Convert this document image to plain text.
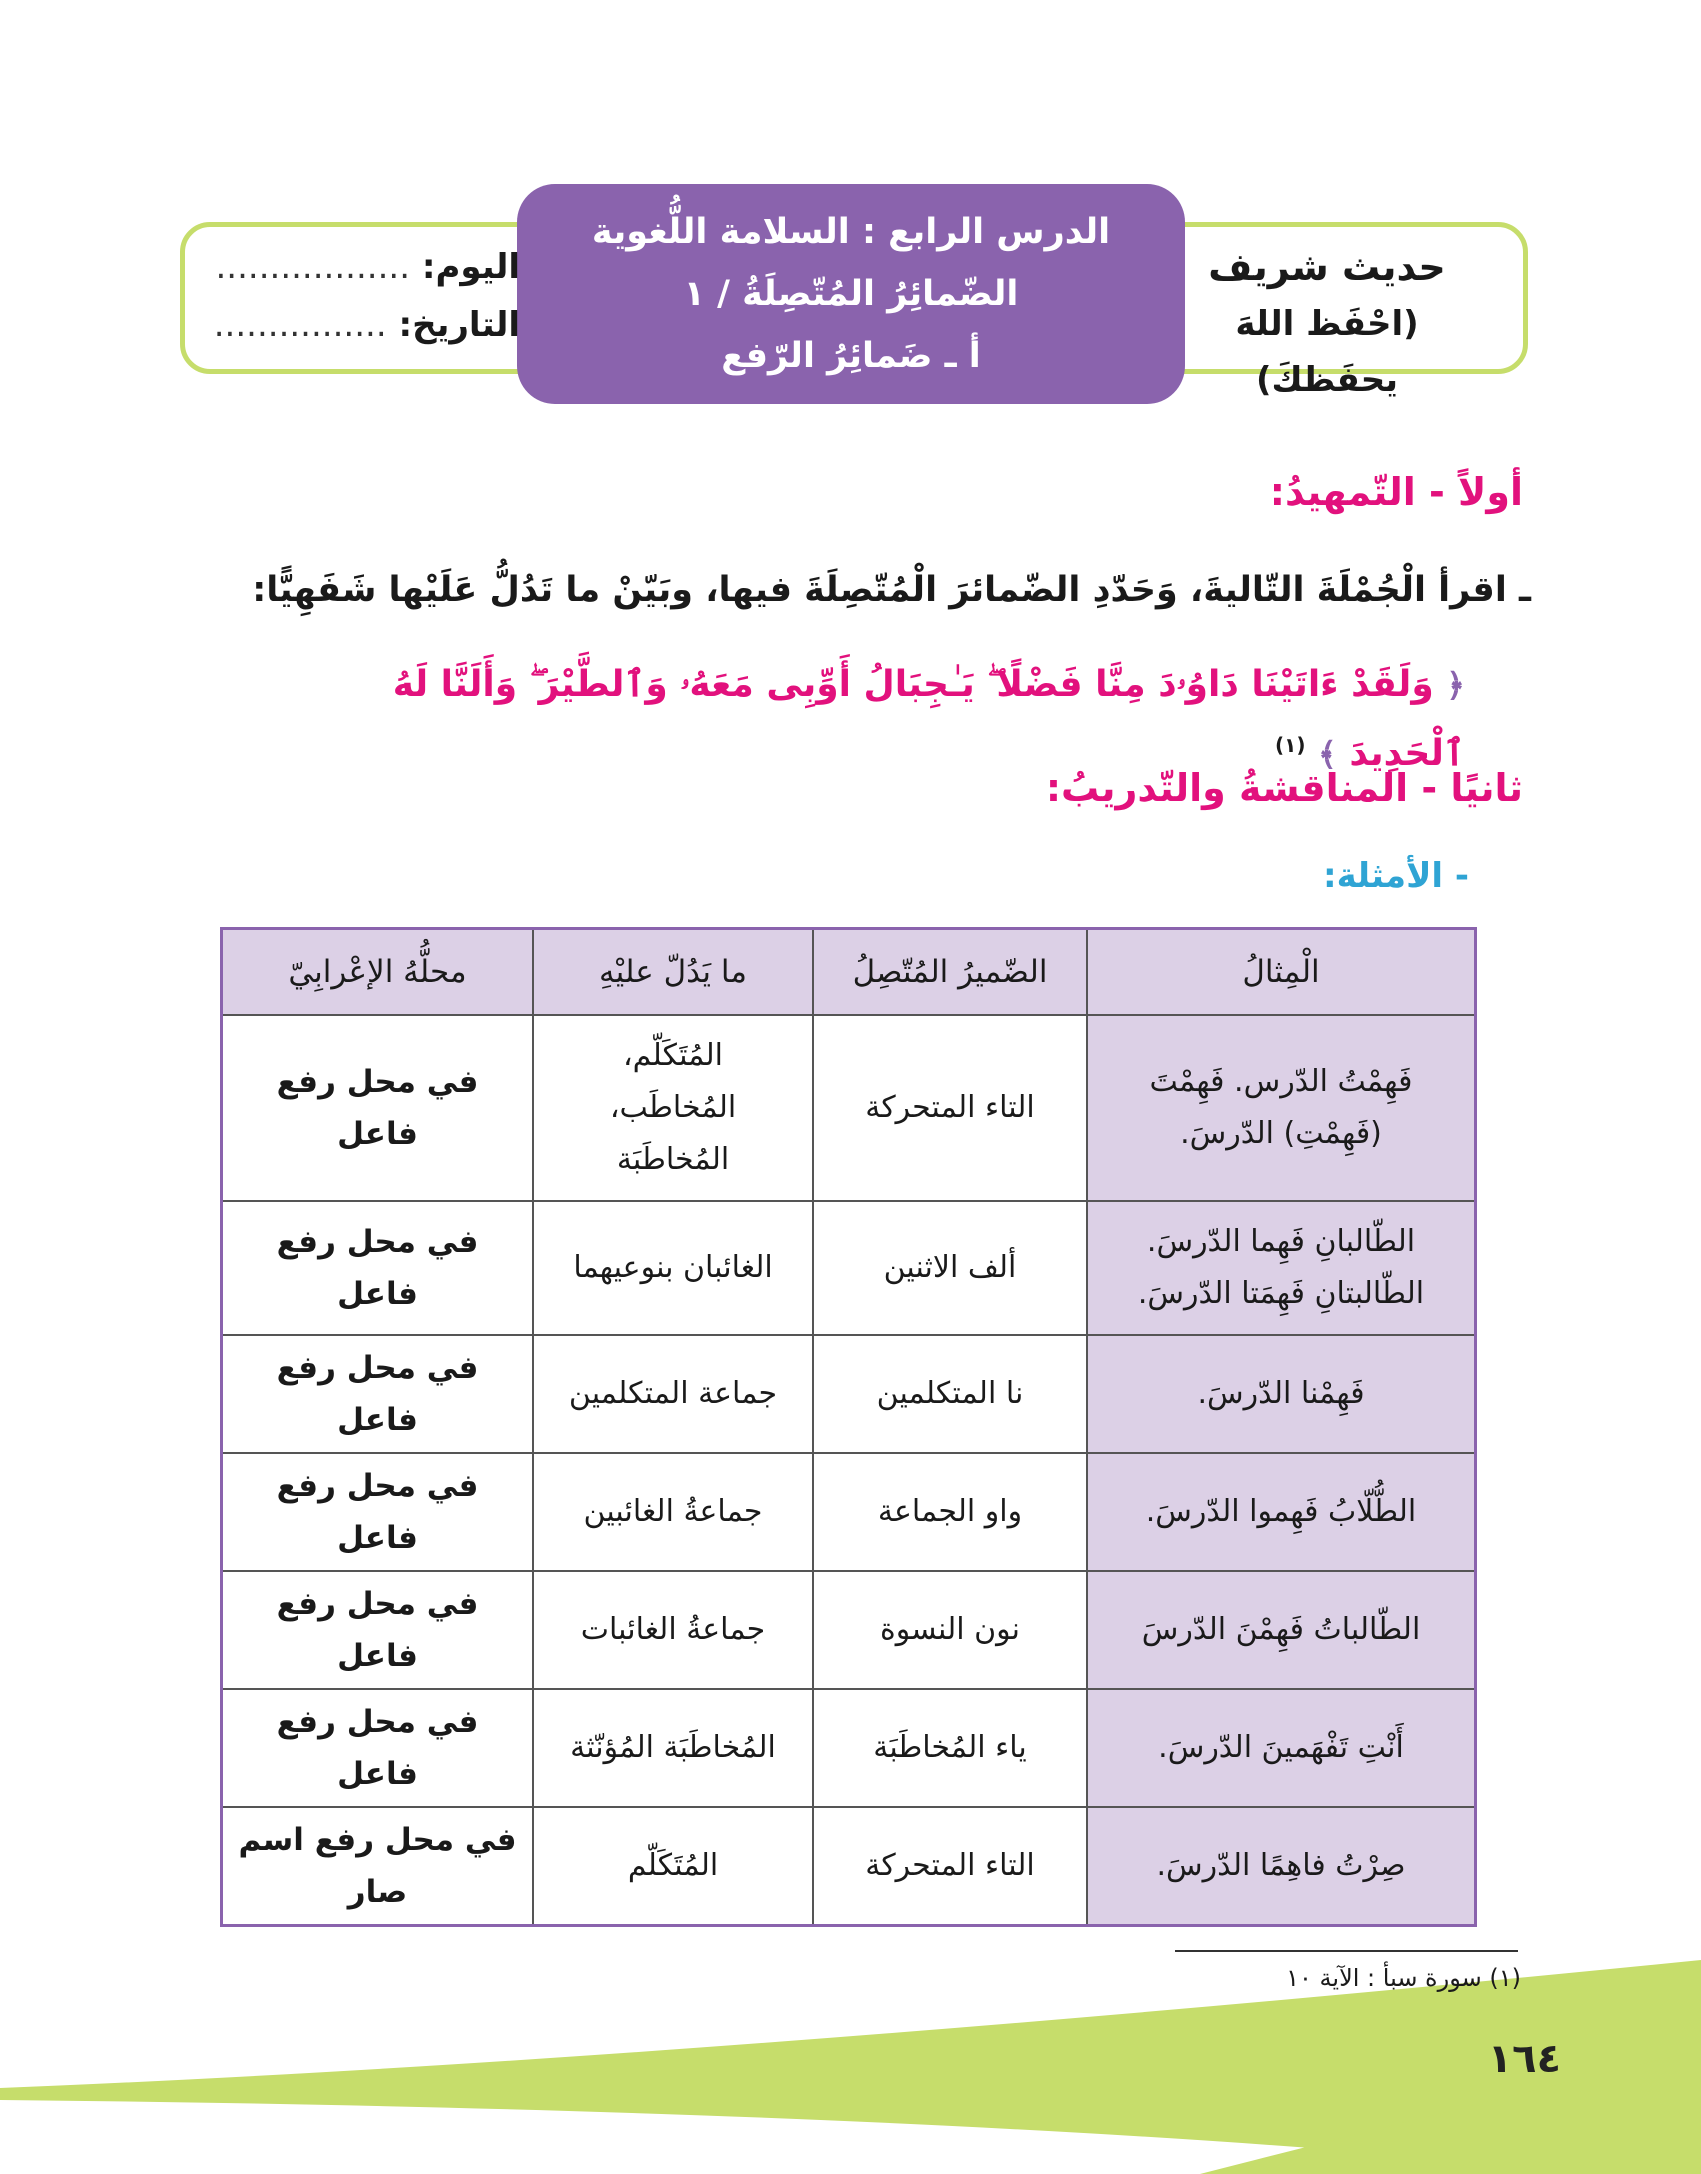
حديث شريف
(احْفَظ اللهَ يحفَظكَ)
الدرس الرابع : السلامة اللُّغوية
الضّمائِرُ المُتّصِلَةُ / ١
أ ـ ضَمائِرُ الرّفع
اليوم: ..................
التاريخ: ................
أولاً - التّمهيدُ:
ـ اقرأ الْجُمْلَةَ التّاليةَ، وَحَدّدِ الضّمائرَ الْمُتّصِلَةَ فيها، وبَيّنْ ما تَدُلُّ عَلَيْها شَفَهِيًّا:
﴿ وَلَقَدْ ءَاتَيْنَا دَاوُۥدَ مِنَّا فَضْلًا ۖ يَـٰجِبَالُ أَوِّبِى مَعَهُۥ وَٱلطَّيْرَ ۖ وَأَلَنَّا لَهُ ٱلْحَدِيدَ ﴾ $^{(١)}$
ثانيًا - المناقشةُ والتّدريبُ:
- الأمثلة:
الْمِثالُ	الضّميرُ المُتّصِلُ	ما يَدُلّ عليْهِ	محلُّهُ الإعْرابِيّ

فَهِمْتُ الدّرس. فَهِمْتَ
(فَهِمْتِ) الدّرسَ.	التاء المتحركة	المُتَكَلّم،
المُخاطَب،
المُخاطَبَة	في محل رفع فاعل

الطّالبانِ فَهِما الدّرسَ.
الطّالبتانِ فَهِمَتا الدّرسَ.	ألف الاثنين	الغائبان بنوعيهما	في محل رفع فاعل
فَهِمْنا الدّرسَ.	نا المتكلمين	جماعة المتكلمين	في محل رفع فاعل
الطُّلّابُ فَهِموا الدّرسَ.	واو الجماعة	جماعةُ الغائبين	في محل رفع فاعل
الطّالباتُ فَهِمْنَ الدّرسَ	نون النسوة	جماعةُ الغائبات	في محل رفع فاعل
أَنْتِ تَفْهَمينَ الدّرسَ.	ياء المُخاطَبَة	المُخاطَبَة المُؤنّثة	في محل رفع فاعل
صِرْتُ فاهِمًا الدّرسَ.	التاء المتحركة	المُتَكَلّم	في محل رفع اسم صار
(١) سورة سبأ : الآية ١٠
١٦٤
